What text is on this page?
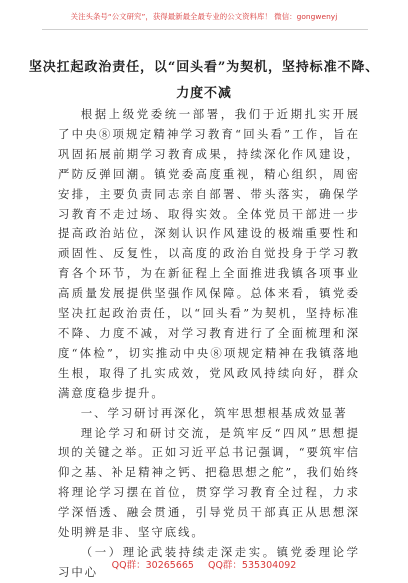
关注头条号“公文研究”，获得最新最全最专业的公文资料库！ 微信：gongwenyj
坚决扛起政治责任，以“回头看”为契机，坚持标准不降、
力度不减

根据上级党委统一部署，我们于近期扎实开展了中央⑧项规定精神学习教育“回头看”工作，旨在巩固拓展前期学习教育成果，持续深化作风建设，严防反弹回潮。镇党委高度重视，精心组织，周密安排，主要负责同志亲自部署、带头落实，确保学习教育不走过场、取得实效。全体党员干部进一步提高政治站位，深刻认识作风建设的极端重要性和顽固性、反复性，以高度的政治自觉投身于学习教育各个环节，为在新征程上全面推进我镇各项事业高质量发展提供坚强作风保障。总体来看，镇党委坚决扛起政治责任，以“回头看”为契机，坚持标准不降、力度不减，对学习教育进行了全面梳理和深度“体检”，切实推动中央⑧项规定精神在我镇落地生根，取得了扎实成效，党风政风持续向好，群众满意度稳步提升。

一、学习研讨再深化，筑牢思想根基成效显著

理论学习和研讨交流，是筑牢反“四风”思想提坝的关键之举。正如习近平总书记强调，“要筑牢信仰之基、补足精神之钙、把稳思想之舵”，我们始终将理论学习摆在首位，贯穿学习教育全过程，力求学深悟透、融会贯通，引导党员干部真正从思想深处明辨是非、坚守底线。

（一）理论武装持续走深走实。镇党委理论学习中心	QQ群：30265665 QQ群：535304092
